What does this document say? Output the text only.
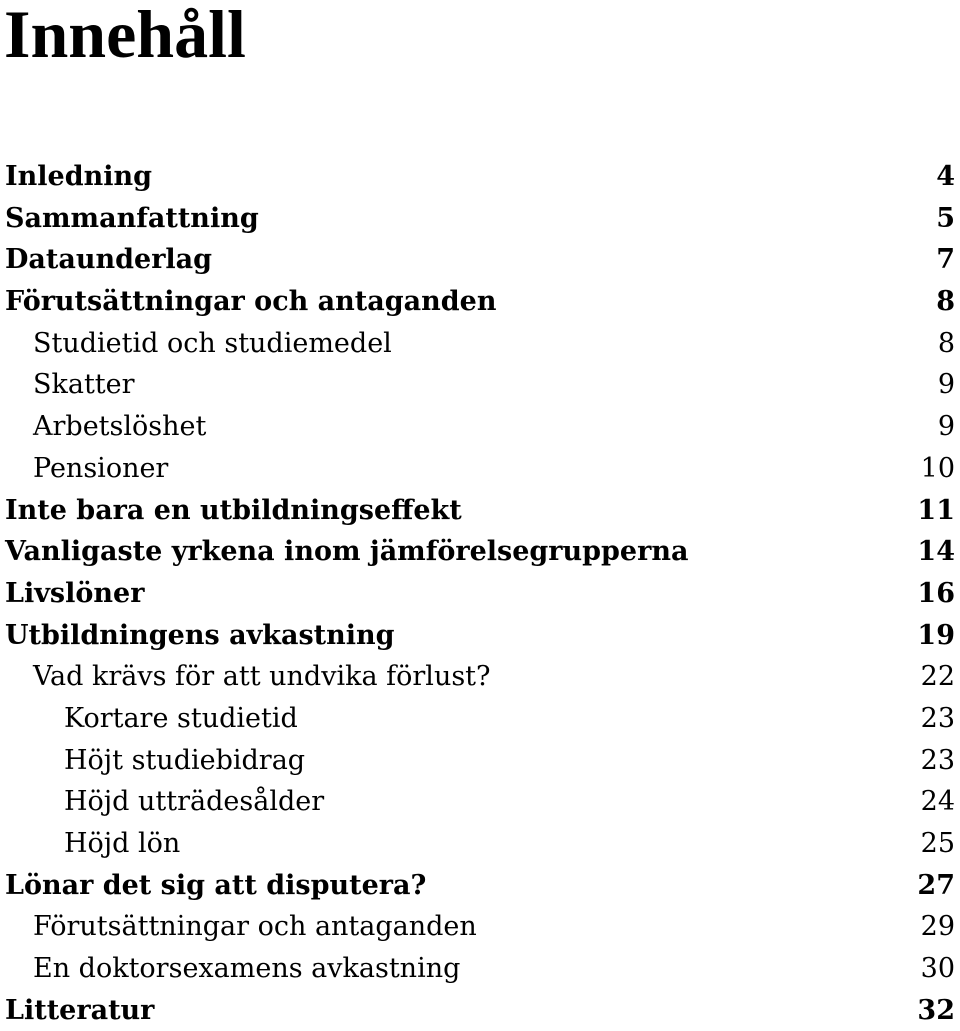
Innehåll
Inledning	4
Sammanfattning	5
Dataunderlag	7
Förutsättningar och antaganden	8
Studietid och studiemedel	8
Skatter	9
Arbetslöshet	9
Pensioner	10
Inte bara en utbildningseffekt	11
Vanligaste yrkena inom jämförelsegrupperna	14
Livslöner	16
Utbildningens avkastning	19
Vad krävs för att undvika förlust?	22
Kortare studietid	23
Höjt studiebidrag	23
Höjd utträdesålder	24
Höjd lön	25
Lönar det sig att disputera?	27
Förutsättningar och antaganden	29
En doktorsexamens avkastning	30
Litteratur	32
